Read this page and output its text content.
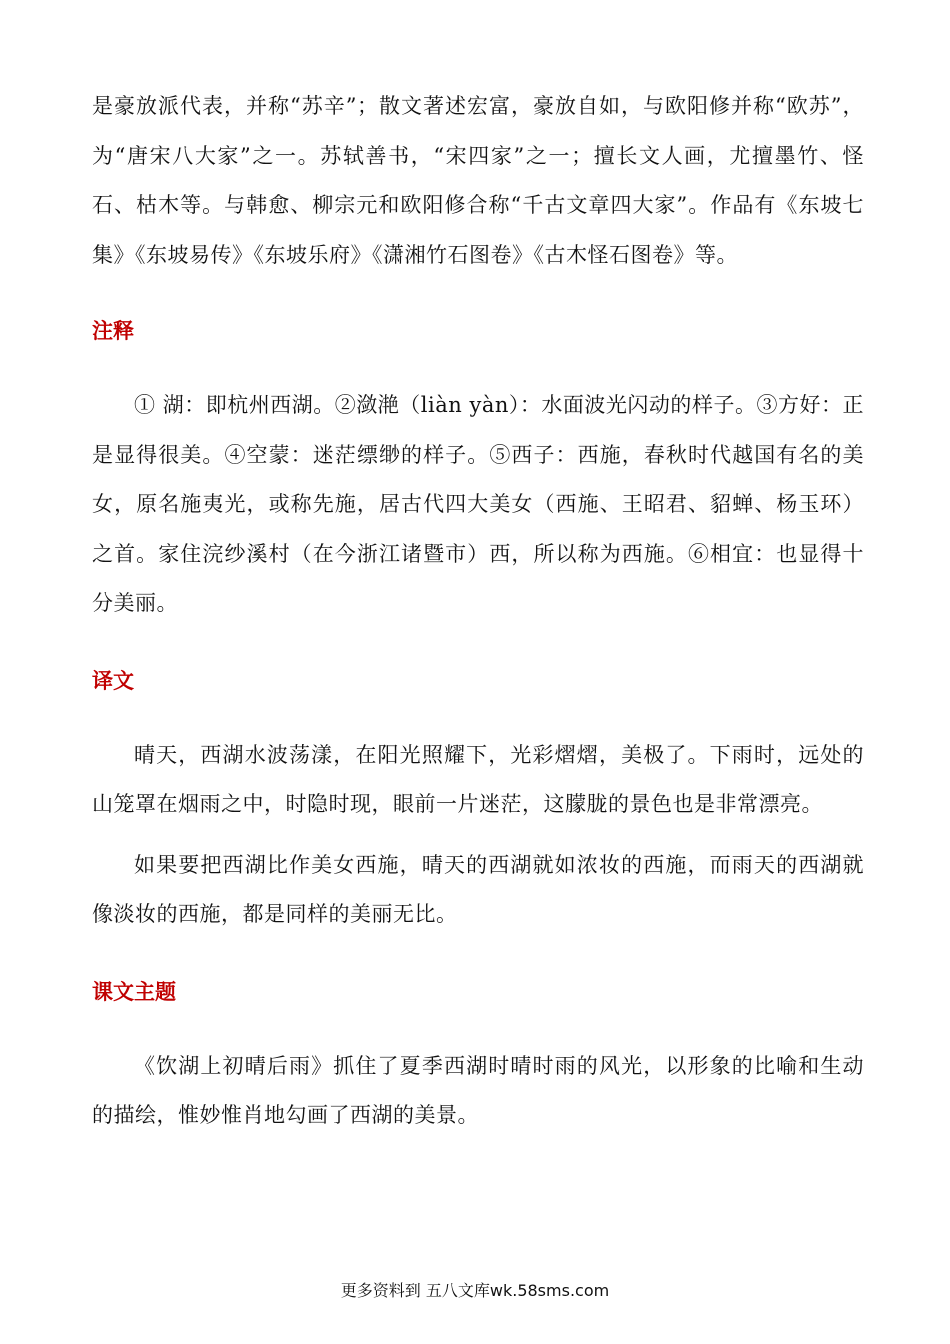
是豪放派代表，并称“苏辛”；散文著述宏富，豪放自如，与欧阳修并称“欧苏”，为“唐宋八大家”之一。苏轼善书，“宋四家”之一；擅长文人画，尤擅墨竹、怪石、枯木等。与韩愈、柳宗元和欧阳修合称“千古文章四大家”。作品有《东坡七集》《东坡易传》《东坡乐府》《潇湘竹石图卷》《古木怪石图卷》等。

注释

① 湖：即杭州西湖。②潋滟（liàn yàn）：水面波光闪动的样子。③方好：正是显得很美。④空蒙：迷茫缥缈的样子。⑤西子：西施，春秋时代越国有名的美女，原名施夷光，或称先施，居古代四大美女（西施、王昭君、貂蝉、杨玉环）之首。家住浣纱溪村（在今浙江诸暨市）西，所以称为西施。⑥相宜：也显得十分美丽。

译文

晴天，西湖水波荡漾，在阳光照耀下，光彩熠熠，美极了。下雨时，远处的山笼罩在烟雨之中，时隐时现，眼前一片迷茫，这朦胧的景色也是非常漂亮。

如果要把西湖比作美女西施，晴天的西湖就如浓妆的西施，而雨天的西湖就像淡妆的西施，都是同样的美丽无比。

课文主题

《饮湖上初晴后雨》抓住了夏季西湖时晴时雨的风光，以形象的比喻和生动的描绘，惟妙惟肖地勾画了西湖的美景。

更多资料到 五八文库wk.58sms.com
